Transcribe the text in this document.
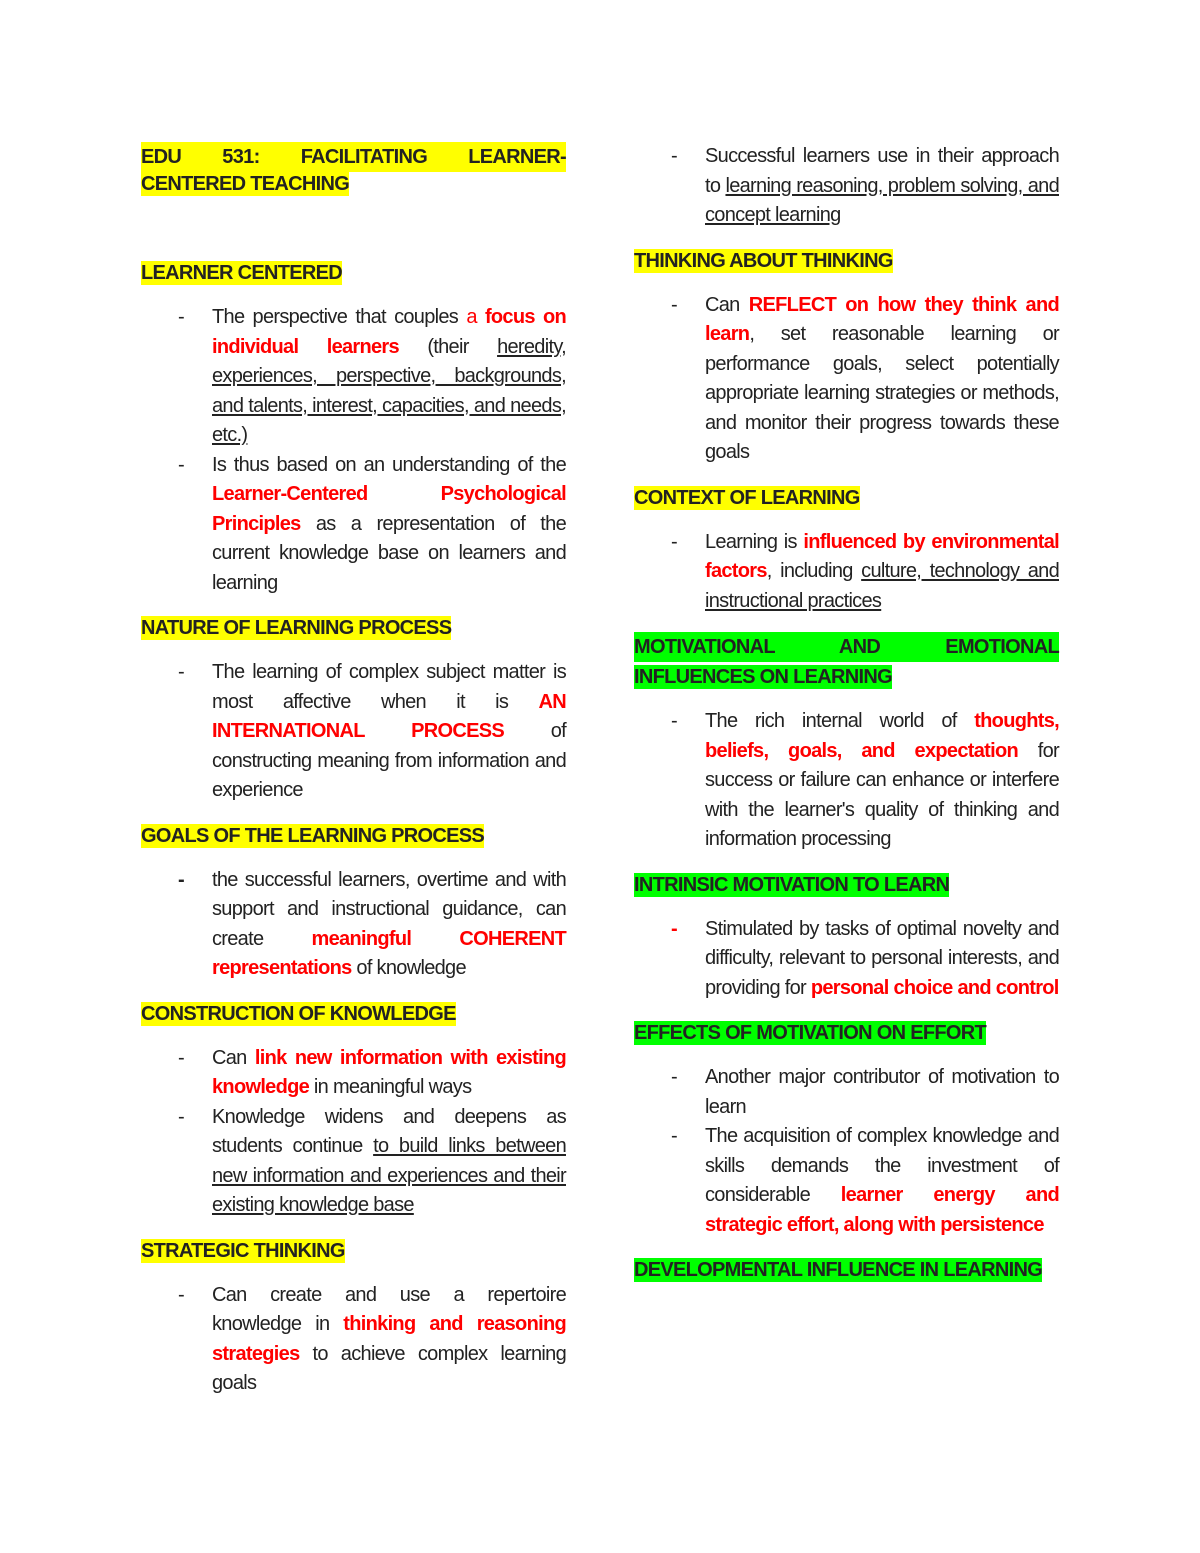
EDU 531: FACILITATING LEARNER-
CENTERED TEACHING
LEARNER CENTERED
-	The perspective that couples a focus on individual learners (their heredity, experiences, perspective, backgrounds, and talents, interest, capacities, and needs, etc.)
-	Is thus based on an understanding of the Learner-Centered Psychological Principles as a representation of the current knowledge base on learners and learning
NATURE OF LEARNING PROCESS
-	The learning of complex subject matter is most affective when it is AN INTERNATIONAL PROCESS of constructing meaning from information and experience
GOALS OF THE LEARNING PROCESS
-	the successful learners, overtime and with support and instructional guidance, can create meaningful COHERENT representations of knowledge
CONSTRUCTION OF KNOWLEDGE
-	Can link new information with existing knowledge in meaningful ways
-	Knowledge widens and deepens as students continue to build links between new information and experiences and their existing knowledge base
STRATEGIC THINKING
-	Can create and use a repertoire knowledge in thinking and reasoning strategies to achieve complex learning goals
-	Successful learners use in their approach to learning reasoning, problem solving, and concept learning
THINKING ABOUT THINKING
-	Can REFLECT on how they think and learn, set reasonable learning or performance goals, select potentially appropriate learning strategies or methods, and monitor their progress towards these goals
CONTEXT OF LEARNING
-	Learning is influenced by environmental factors, including culture, technology and instructional practices
MOTIVATIONAL AND EMOTIONAL
INFLUENCES ON LEARNING
-	The rich internal world of thoughts, beliefs, goals, and expectation for success or failure can enhance or interfere with the learner's quality of thinking and information processing
INTRINSIC MOTIVATION TO LEARN
-	Stimulated by tasks of optimal novelty and difficulty, relevant to personal interests, and providing for personal choice and control
EFFECTS OF MOTIVATION ON EFFORT
-	Another major contributor of motivation to learn
-	The acquisition of complex knowledge and skills demands the investment of considerable learner energy and strategic effort, along with persistence
DEVELOPMENTAL INFLUENCE IN LEARNING
